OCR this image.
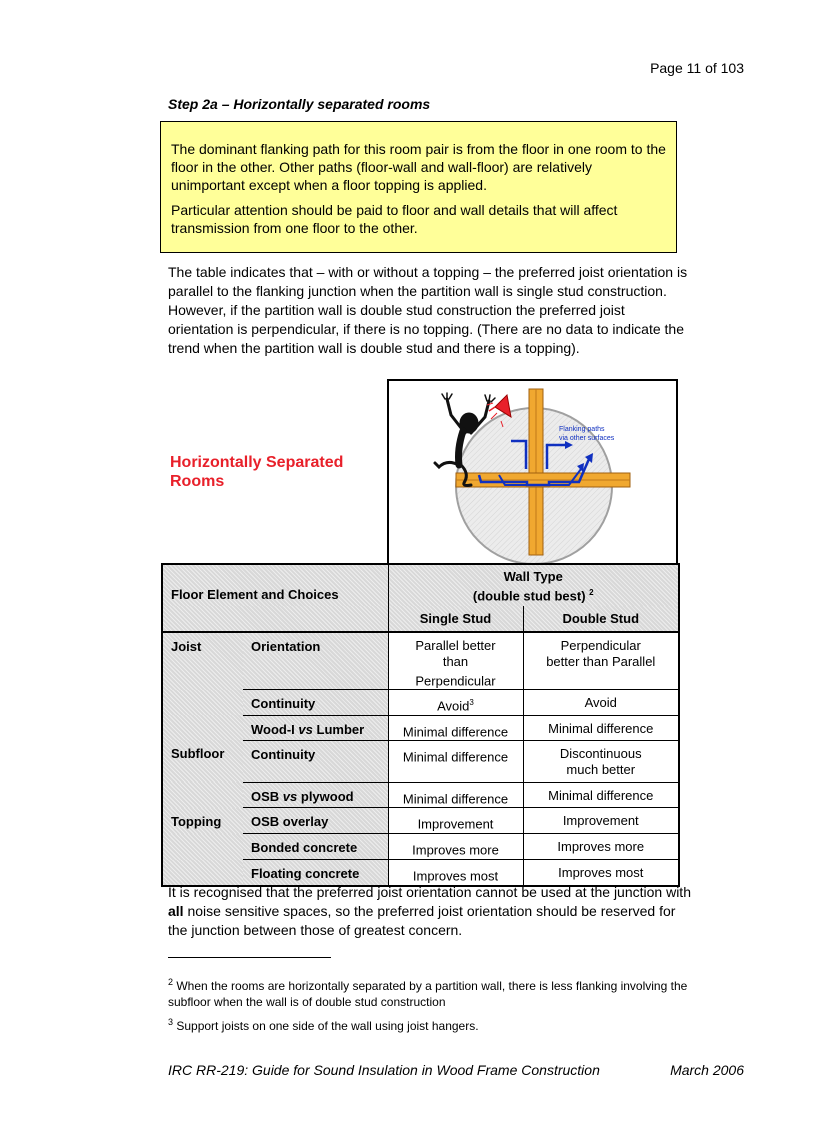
Page 11 of 103
Step 2a – Horizontally separated rooms

The dominant flanking path for this room pair is from the floor in one room to the floor in the other. Other paths (floor-wall and wall-floor) are relatively unimportant except when a floor topping is applied.

Particular attention should be paid to floor and wall details that will affect transmission from one floor to the other.

The table indicates that – with or without a topping – the preferred joist orientation is parallel to the flanking junction when the partition wall is single stud construction. However, if the partition wall is double stud construction the preferred joist orientation is perpendicular, if there is no topping. (There are no data to indicate the trend when the partition wall is double stud and there is a topping).

Horizontally Separated Rooms
Flanking paths
via other surfaces
Floor Element and Choices		Wall Type
(double stud best) $^2$

		Single Stud	Double Stud
Joist	Orientation	Parallel better than Perpendicular	Perpendicular better than Parallel
	Continuity	Avoid$^3$	Avoid
	Wood-I vs Lumber	Minimal difference	Minimal difference
Subfloor	Continuity	Minimal difference	Discontinuous much better
	OSB vs plywood	Minimal difference	Minimal difference
Topping	OSB overlay	Improvement	Improvement
	Bonded concrete	Improves more	Improves more
	Floating concrete	Improves most	Improves most

It is recognised that the preferred joist orientation cannot be used at the junction with all noise sensitive spaces, so the preferred joist orientation should be reserved for the junction between those of greatest concern.

$^2$ When the rooms are horizontally separated by a partition wall, there is less flanking involving the subfloor when the wall is of double stud construction
$^3$ Support joists on one side of the wall using joist hangers.
IRC RR-219: Guide for Sound Insulation in Wood Frame Construction	March 2006
